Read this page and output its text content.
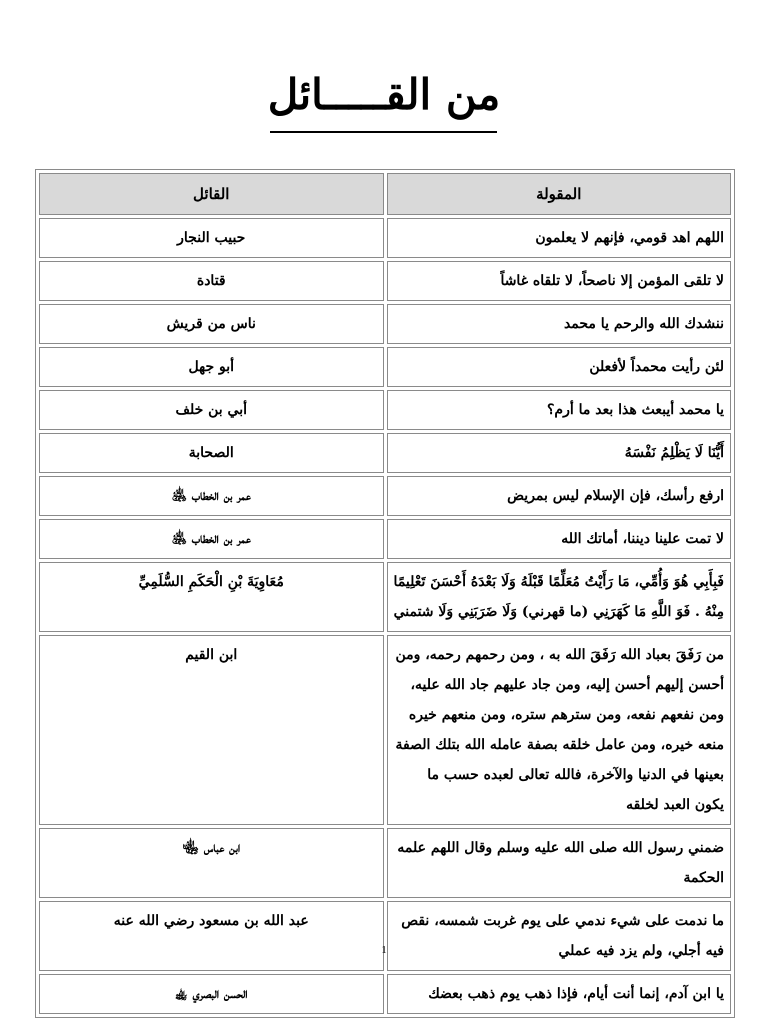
من القـــــائل
المقولة	القائل
اللهم اهد قومي، فإنهم لا يعلمون	حبيب النجار
لا تلقى المؤمن إلا ناصحاً، لا تلقاه غاشاً	قتادة
ننشدك الله والرحم يا محمد	ناس من قريش
لئن رأيت محمداً لأفعلن	أبو جهل
يا محمد أيبعث هذا بعد ما أرم؟	أبي بن خلف
أَيُّنَا لَا يَظْلِمُ نَفْسَهُ	الصحابة
ارفع رأسك، فإن الإسلام ليس بمريض	عمر بن الخطاب ﵁
لا تمت علينا ديننا، أماتك الله	عمر بن الخطاب ﵁
فَبِأَبِي هُوَ وَأُمِّي، مَا رَأَيْتُ مُعَلِّمًا قَبْلَهُ وَلَا بَعْدَهُ أَحْسَنَ تَعْلِيمًا مِنْهُ . فَوَ اللَّهِ مَا كَهَرَنِي (ما قهرني) وَلَا ضَرَبَنِي وَلَا شتمني	مُعَاوِيَةَ بْنِ الْحَكَمِ السُّلَمِيِّ
من رَفَقَ بعباد الله رَفَقَ الله به ، ومن رحمهم رحمه، ومن أحسن إليهم أحسن إليه، ومن جاد عليهم جاد الله عليه، ومن نفعهم نفعه، ومن سترهم ستره، ومن منعهم خيره منعه خيره، ومن عامل خلقه بصفة عامله الله بتلك الصفة بعينها في الدنيا والآخرة، فالله تعالى لعبده حسب ما يكون العبد لخلقه	ابن القيم
ضمني رسول الله صلى الله عليه وسلم وقال اللهم علمه الحكمة	ابن عباس ﵄
ما ندمت على شيء ندمي على يوم غربت شمسه، نقص فيه أجلي، ولم يزد فيه عملي	عبد الله بن مسعود رضي الله عنه
يا ابن آدم، إنما أنت أيام، فإذا ذهب يوم ذهب بعضك	الحسن البصري ﵀
1
